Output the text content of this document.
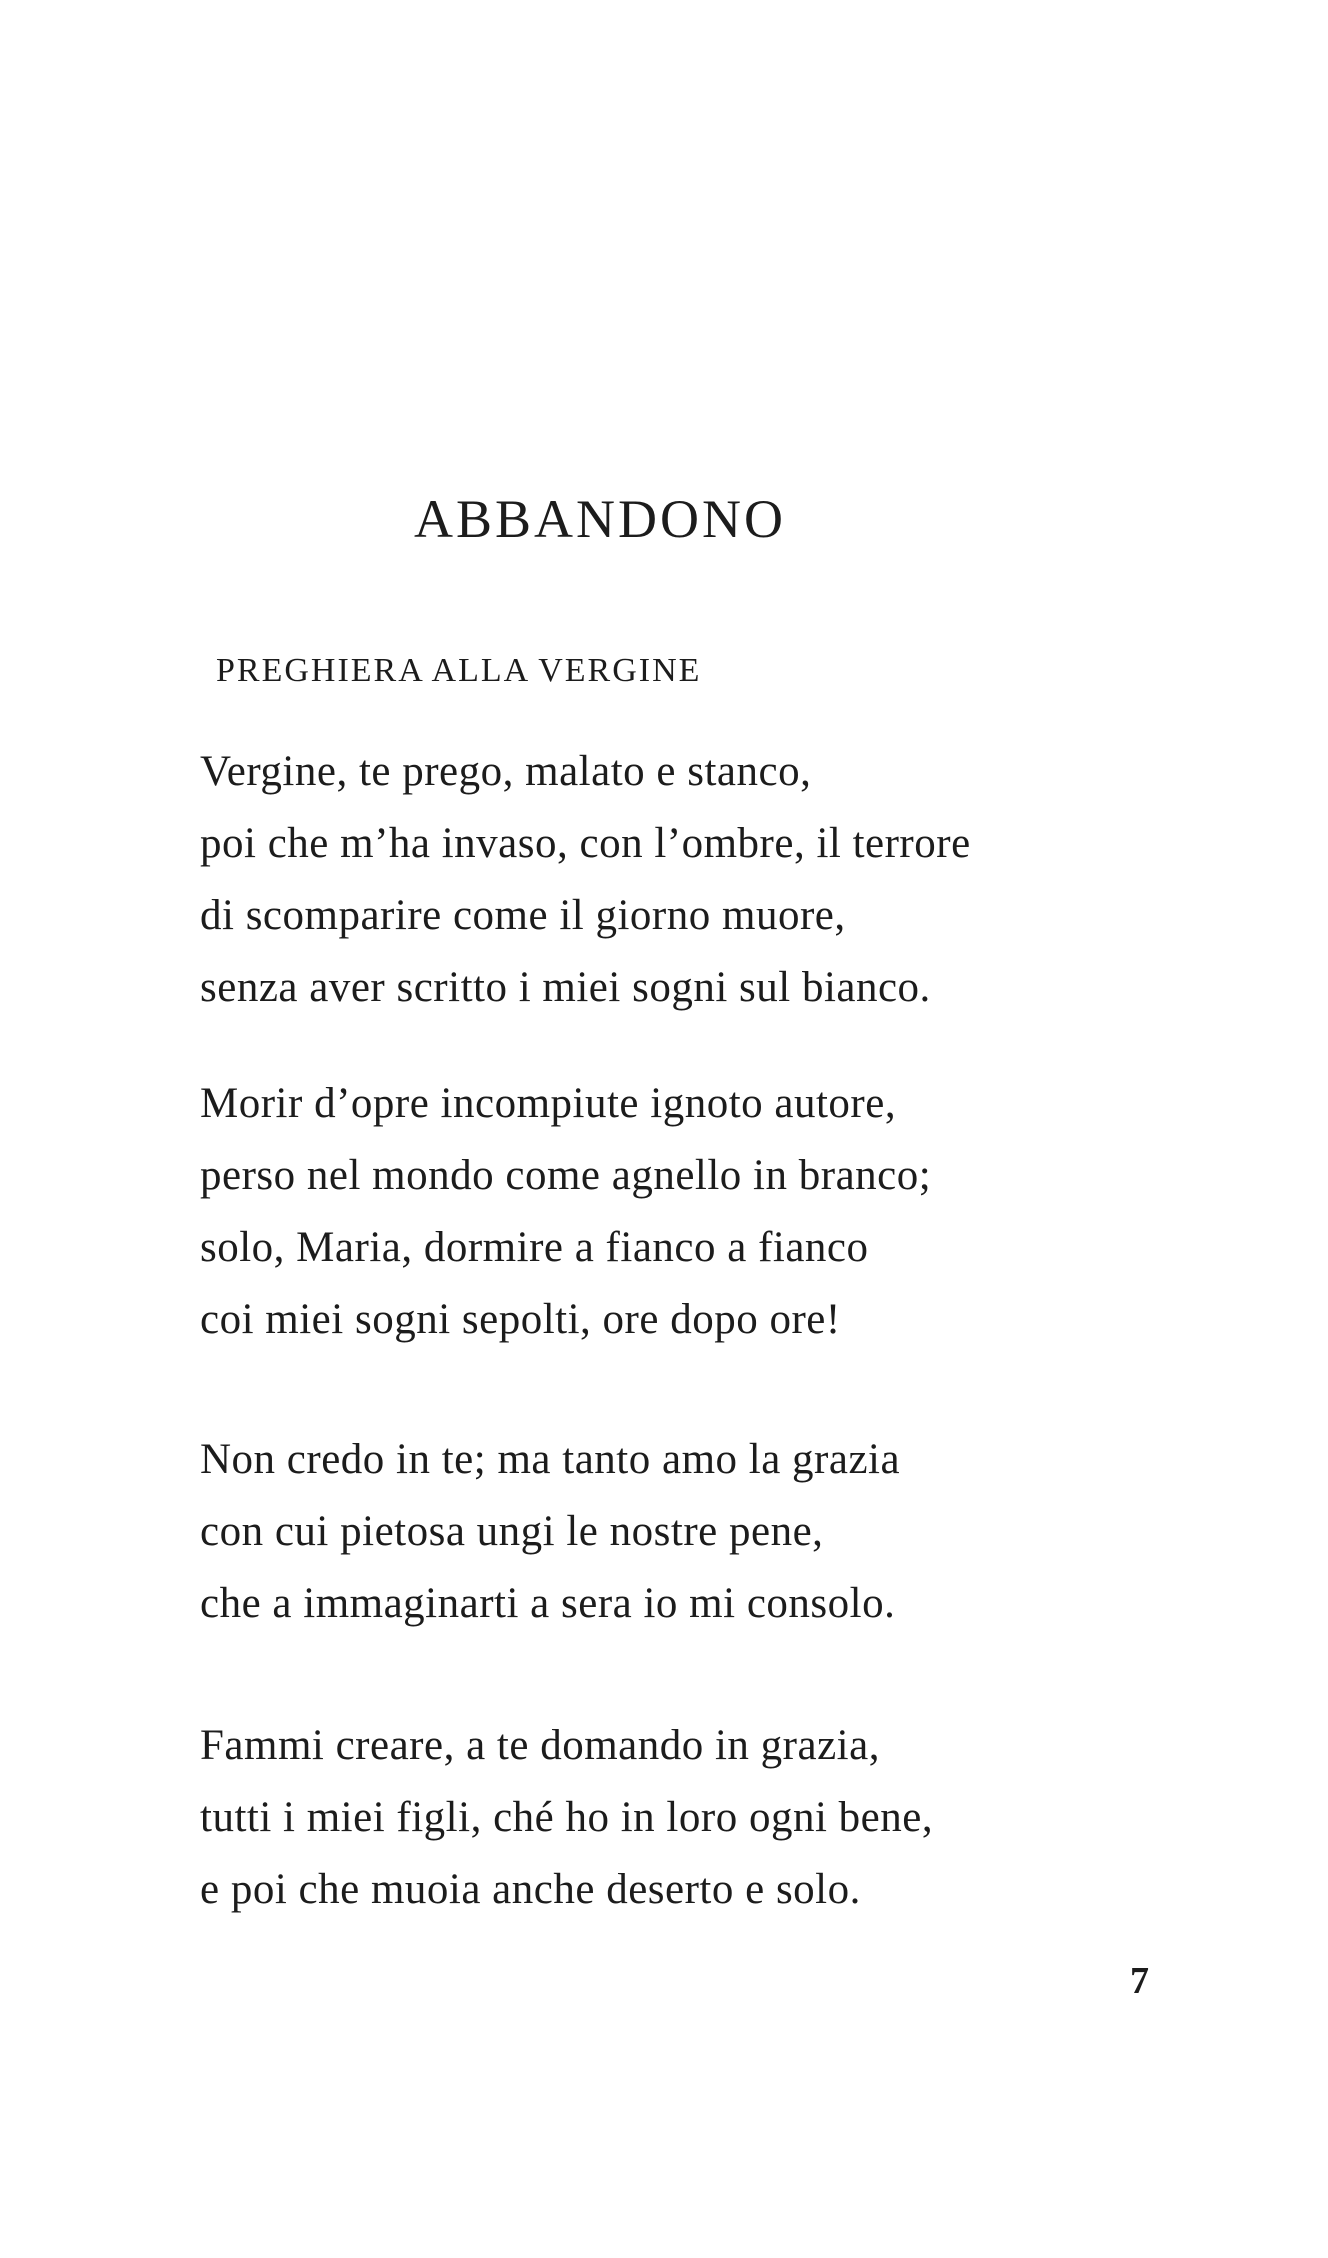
ABBANDONO
PREGHIERA ALLA VERGINE
Vergine, te prego, malato e stanco,
poi che m’ha invaso, con l’ombre, il terrore
di scomparire come il giorno muore,
senza aver scritto i miei sogni sul bianco.
Morir d’opre incompiute ignoto autore,
perso nel mondo come agnello in branco;
solo, Maria, dormire a fianco a fianco
coi miei sogni sepolti, ore dopo ore!
Non credo in te; ma tanto amo la grazia
con cui pietosa ungi le nostre pene,
che a immaginarti a sera io mi consolo.
Fammi creare, a te domando in grazia,
tutti i miei figli, ché ho in loro ogni bene,
e poi che muoia anche deserto e solo.
7
